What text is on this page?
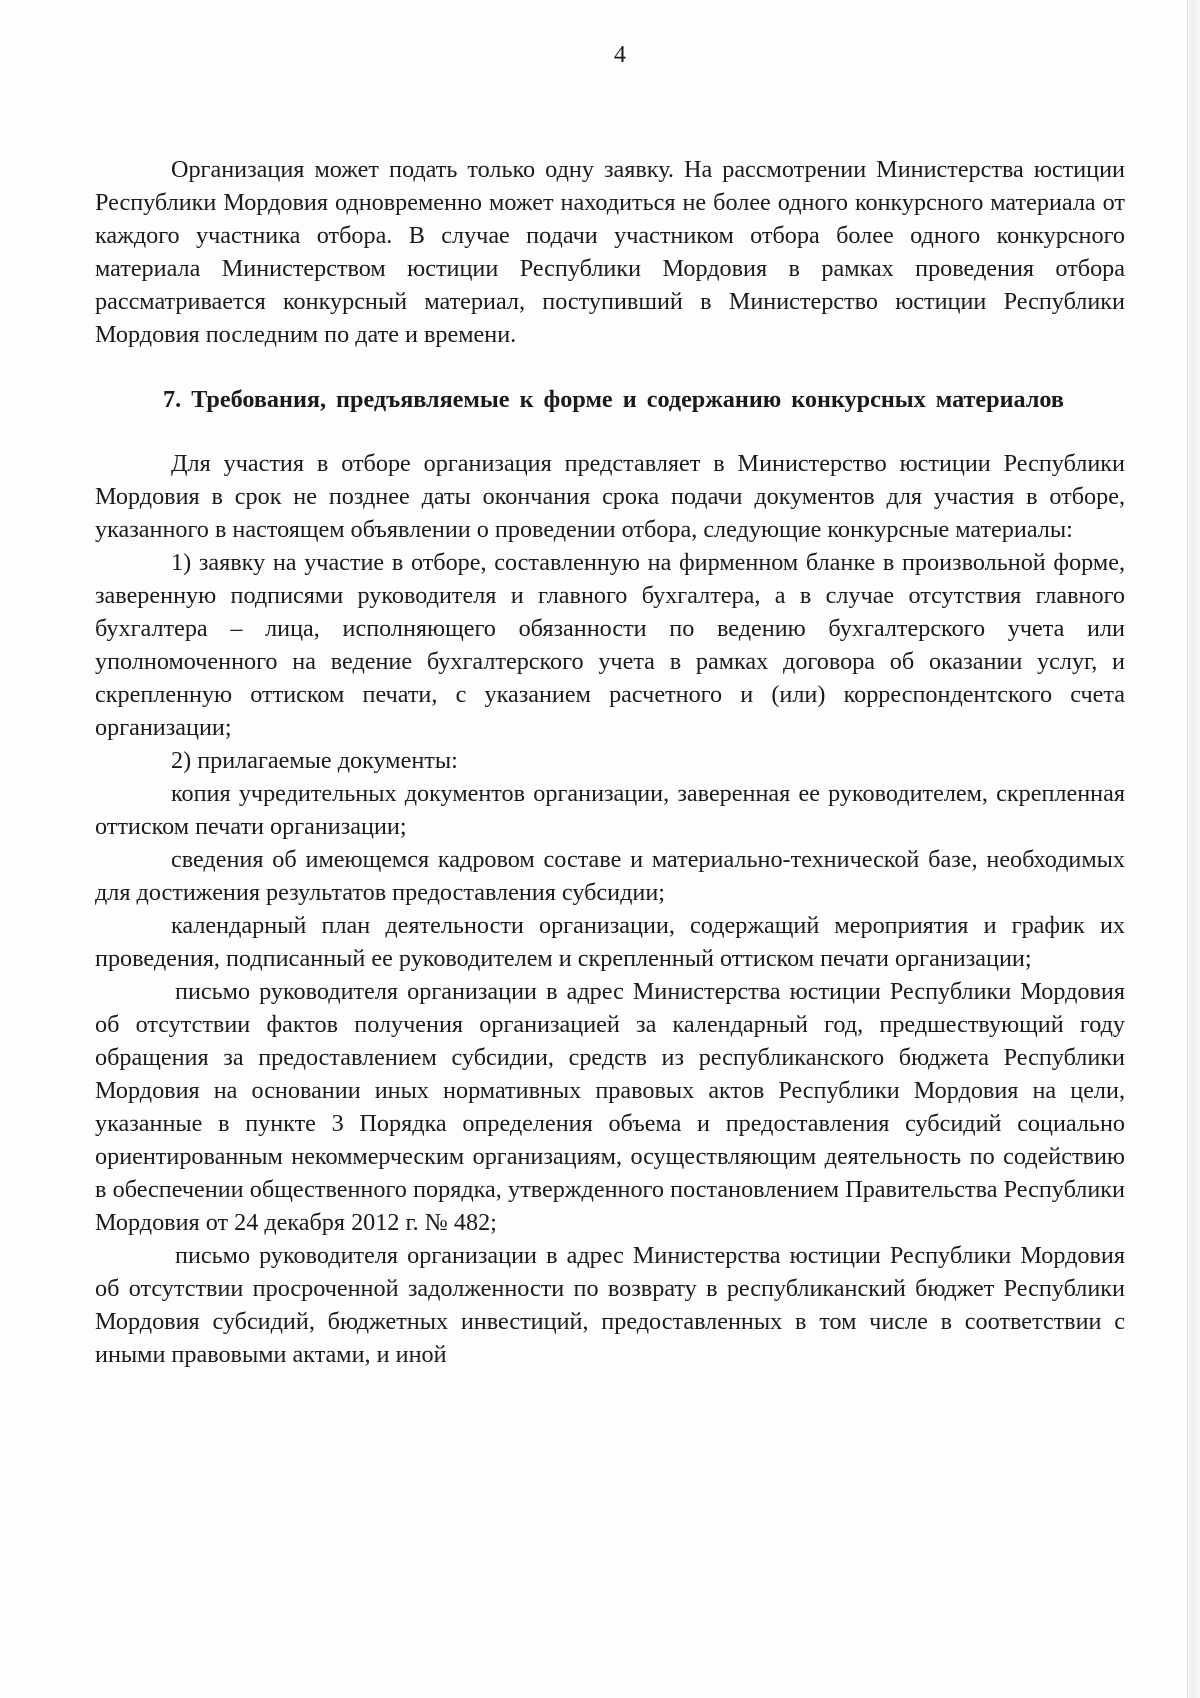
4

Организация может подать только одну заявку. На рассмотрении Министерства юстиции Республики Мордовия одновременно может находиться не более одного конкурсного материала от каждого участника отбора. В случае подачи участником отбора более одного конкурсного материала Министерством юстиции Республики Мордовия в рамках проведения отбора рассматривается конкурсный материал, поступивший в Министерство юстиции Республики Мордовия последним по дате и времени.

7. Требования, предъявляемые к форме и содержанию конкурсных материалов

Для участия в отборе организация представляет в Министерство юстиции Республики Мордовия в срок не позднее даты окончания срока подачи документов для участия в отборе, указанного в настоящем объявлении о проведении отбора, следующие конкурсные материалы:

1) заявку на участие в отборе, составленную на фирменном бланке в произвольной форме, заверенную подписями руководителя и главного бухгалтера, а в случае отсутствия главного бухгалтера – лица, исполняющего обязанности по ведению бухгалтерского учета или уполномоченного на ведение бухгалтерского учета в рамках договора об оказании услуг, и скрепленную оттиском печати, с указанием расчетного и (или) корреспондентского счета организации;

2) прилагаемые документы:

копия учредительных документов организации, заверенная ее руководителем, скрепленная оттиском печати организации;

сведения об имеющемся кадровом составе и материально-технической базе, необходимых для достижения результатов предоставления субсидии;

календарный план деятельности организации, содержащий мероприятия и график их проведения, подписанный ее руководителем и скрепленный оттиском печати организации;

письмо руководителя организации в адрес Министерства юстиции Республики Мордовия об отсутствии фактов получения организацией за календарный год, предшествующий году обращения за предоставлением субсидии, средств из республиканского бюджета Республики Мордовия на основании иных нормативных правовых актов Республики Мордовия на цели, указанные в пункте 3 Порядка определения объема и предоставления субсидий социально ориентированным некоммерческим организациям, осуществляющим деятельность по содействию в обеспечении общественного порядка, утвержденного постановлением Правительства Республики Мордовия от 24 декабря 2012 г. № 482;

письмо руководителя организации в адрес Министерства юстиции Республики Мордовия об отсутствии просроченной задолженности по возврату в республиканский бюджет Республики Мордовия субсидий, бюджетных инвестиций, предоставленных в том числе в соответствии с иными правовыми актами, и иной
